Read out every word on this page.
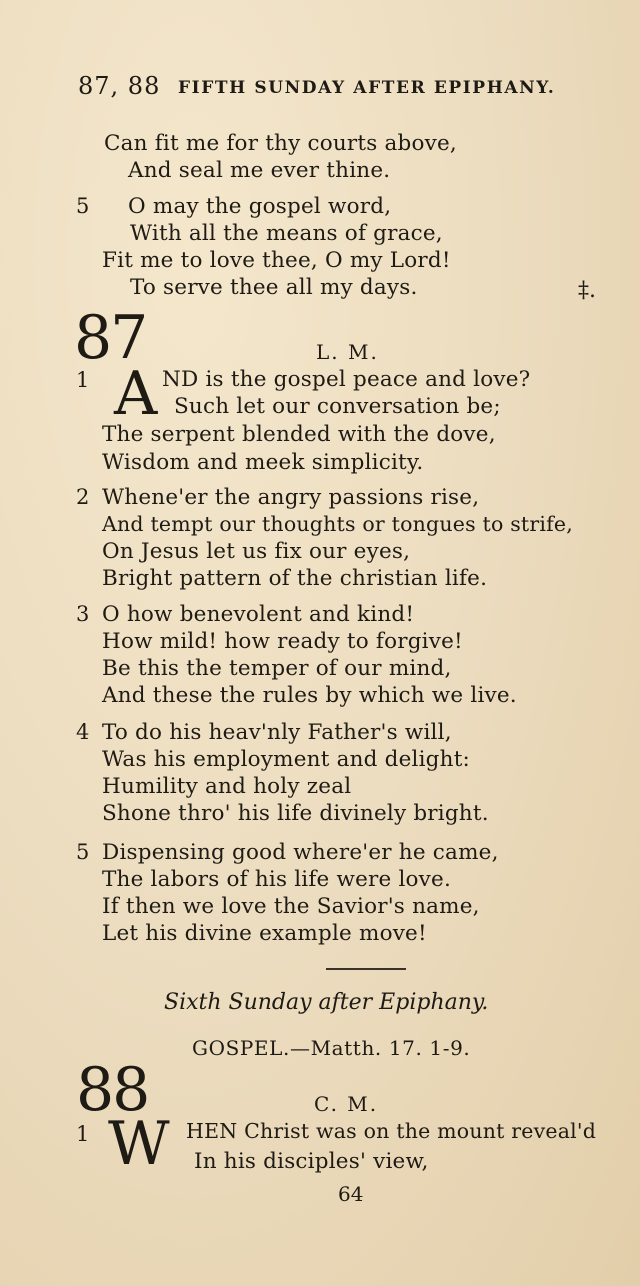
87, 88 FIFTH SUNDAY AFTER EPIPHANY.
Can fit me for thy courts above,
And seal me ever thine.
5 O may the gospel word,
With all the means of grace,
Fit me to love thee, O my Lord!
To serve thee all my days.	‡.
87	L. M.
1 A ND is the gospel peace and love?
Such let our conversation be;
The serpent blended with the dove,
Wisdom and meek simplicity.
2 Whene'er the angry passions rise,
And tempt our thoughts or tongues to strife,
On Jesus let us fix our eyes,
Bright pattern of the christian life.
3 O how benevolent and kind!
How mild! how ready to forgive!
Be this the temper of our mind,
And these the rules by which we live.
4 To do his heav'nly Father's will,
Was his employment and delight:
Humility and holy zeal
Shone thro' his life divinely bright.
5 Dispensing good where'er he came,
The labors of his life were love.
If then we love the Savior's name,
Let his divine example move!
Sixth Sunday after Epiphany.
GOSPEL.—Matth. 17. 1-9.
88	C. M.
1 W HEN Christ was on the mount reveal'd
In his disciples' view,
64
